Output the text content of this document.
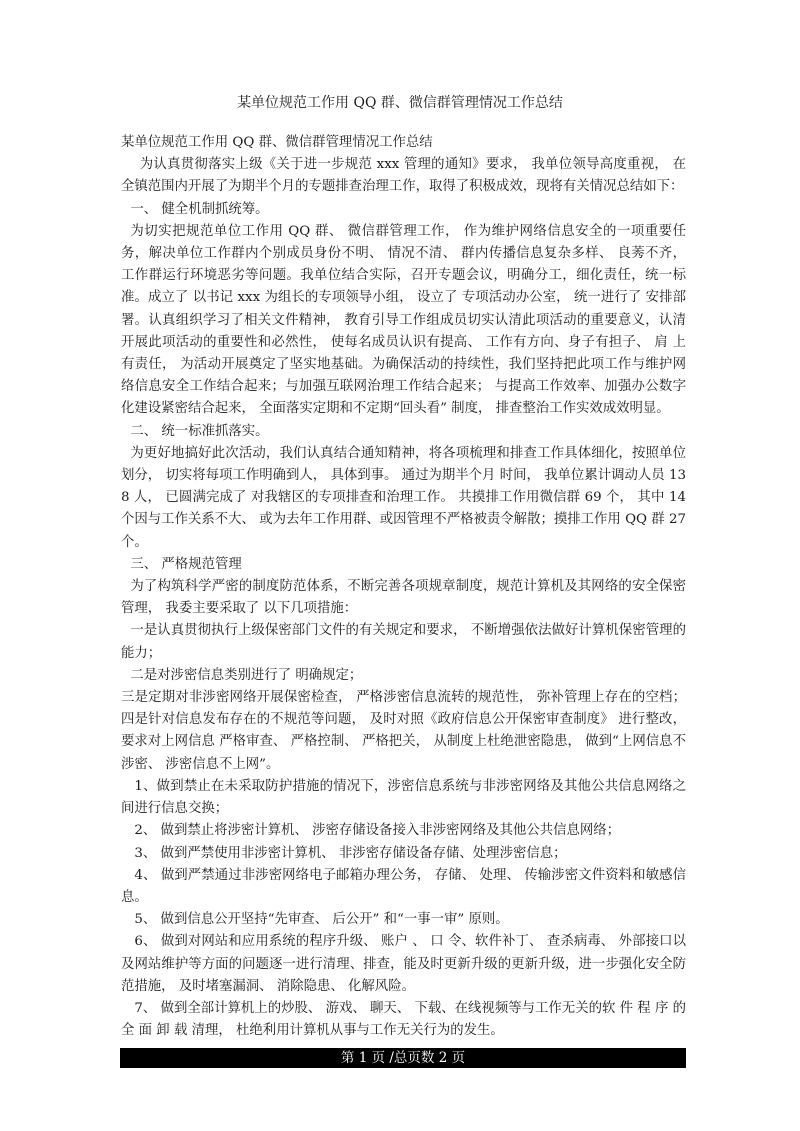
某单位规范工作用 QQ 群、微信群管理情况工作总结

某单位规范工作用 QQ 群、微信群管理情况工作总结

为认真贯彻落实上级《关于进一步规范 xxx 管理的通知》要求， 我单位领导高度重视， 在全镇范围内开展了为期半个月的专题排查治理工作，取得了积极成效，现将有关情况总结如下：

一、 健全机制抓统筹。

为切实把规范单位工作用 QQ 群、 微信群管理工作， 作为维护网络信息安全的一项重要任务，解决单位工作群内个别成员身份不明、 情况不清、 群内传播信息复杂多样、 良莠不齐， 工作群运行环境恶劣等问题。我单位结合实际，召开专题会议，明确分工，细化责任，统一标准。成立了 以书记 xxx 为组长的专项领导小组， 设立了 专项活动办公室， 统一进行了 安排部署。认真组织学习了相关文件精神， 教育引导工作组成员切实认清此项活动的重要意义，认清开展此项活动的重要性和必然性， 使每名成员认识有提高、 工作有方向、身子有担子、 肩 上有责任， 为活动开展奠定了坚实地基础。为确保活动的持续性，我们坚持把此项工作与维护网络信息安全工作结合起来；与加强互联网治理工作结合起来； 与提高工作效率、加强办公数字化建设紧密结合起来， 全面落实定期和不定期“回头看” 制度， 排查整治工作实效成效明显。

二、 统一标准抓落实。

为更好地搞好此次活动，我们认真结合通知精神，将各项梳理和排查工作具体细化，按照单位划分， 切实将每项工作明确到人， 具体到事。 通过为期半个月 时间， 我单位累计调动人员 138 人， 已圆满完成了 对我辖区的专项排查和治理工作。 共摸排工作用微信群 69 个， 其中 14 个因与工作关系不大、 或为去年工作用群、或因管理不严格被责令解散；摸排工作用 QQ 群 27 个。

三、 严格规范管理

为了构筑科学严密的制度防范体系，不断完善各项规章制度，规范计算机及其网络的安全保密管理， 我委主要采取了 以下几项措施：

一是认真贯彻执行上级保密部门文件的有关规定和要求， 不断增强依法做好计算机保密管理的能力；

二是对涉密信息类别进行了 明确规定；

三是定期对非涉密网络开展保密检查， 严格涉密信息流转的规范性， 弥补管理上存在的空档；四是针对信息发布存在的不规范等问题， 及时对照《政府信息公开保密审查制度》 进行整改，要求对上网信息 严格审查、 严格控制、 严格把关， 从制度上杜绝泄密隐患， 做到“上网信息不涉密、 涉密信息不上网”。

1、做到禁止在未采取防护措施的情况下，涉密信息系统与非涉密网络及其他公共信息网络之间进行信息交换；

2、 做到禁止将涉密计算机、 涉密存储设备接入非涉密网络及其他公共信息网络；

3、 做到严禁使用非涉密计算机、 非涉密存储设备存储、处理涉密信息；

4、 做到严禁通过非涉密网络电子邮箱办理公务， 存储、 处理、 传输涉密文件资料和敏感信息。

5、 做到信息公开坚持“先审查、 后公开” 和“一事一审” 原则。

6、 做到对网站和应用系统的程序升级、 账户 、 口 令、软件补丁、 查杀病毒、 外部接口以及网站维护等方面的问题逐一进行清理、排查，能及时更新升级的更新升级，进一步强化安全防范措施， 及时堵塞漏洞、 消除隐患、 化解风险。

7、 做到全部计算机上的炒股、 游戏、 聊天、 下载、在线视频等与工作无关的软 件 程 序 的 全 面 卸 载 清理， 杜绝利用计算机从事与工作无关行为的发生。

第 1 页 /总页数 2 页
